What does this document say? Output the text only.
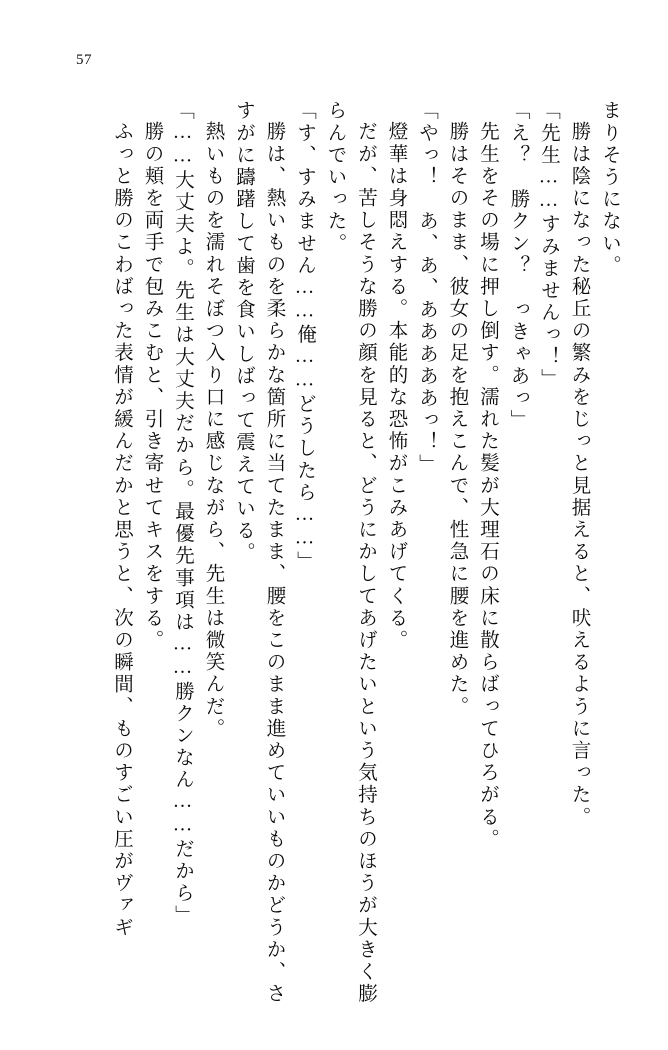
57
まりそうにない。
勝は陰になった秘丘の繁みをじっと見据えると、吠えるように言った。
「先生……すみませんっ！」
「え？　勝クン？　っきゃあっ」
先生をその場に押し倒す。濡れた髪が大理石の床に散らばってひろがる。
勝はそのまま、彼女の足を抱えこんで、性急に腰を進めた。
「やっ！　あ、あ、あああああっ！」
燈華は身悶えする。本能的な恐怖がこみあげてくる。
だが、苦しそうな勝の顔を見ると、どうにかしてあげたいという気持ちのほうが大きく膨らんでいった。
「す、すみません……俺……どうしたら……」
勝は、熱いものを柔らかな箇所に当てたまま、腰をこのまま進めていいものかどうか、さすがに躊躇して歯を食いしばって震えている。
熱いものを濡れそぼつ入り口に感じながら、先生は微笑んだ。
「……大丈夫よ。先生は大丈夫だから。最優先事項は……勝クンなん……だから」
勝の頬を両手で包みこむと、引き寄せてキスをする。
ふっと勝のこわばった表情が緩んだかと思うと、次の瞬間、ものすごい圧がヴァギ
